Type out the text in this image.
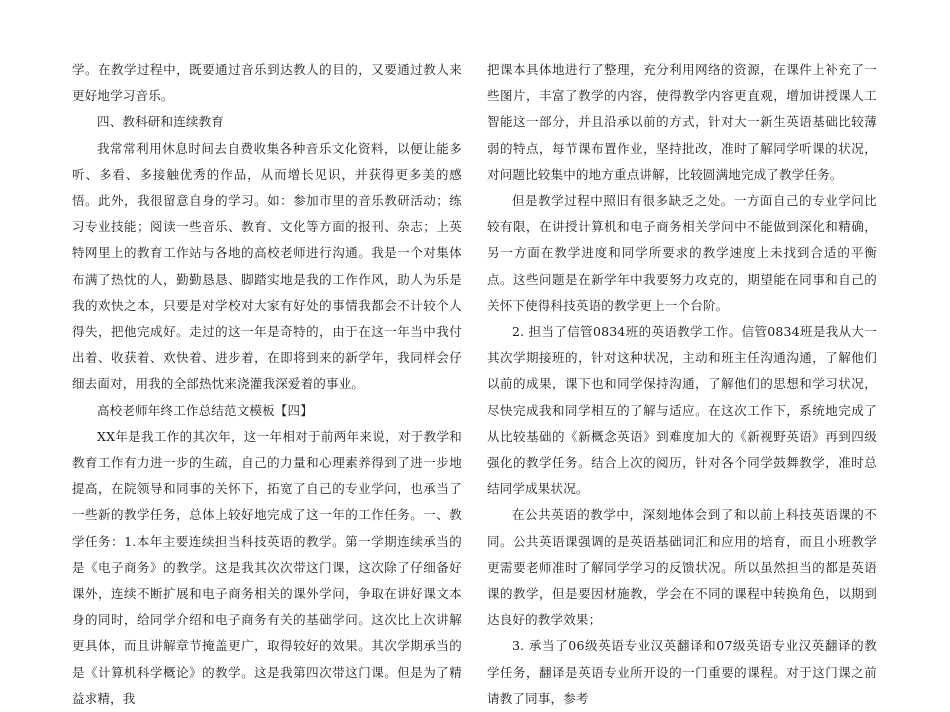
学。在教学过程中，既要通过音乐到达教人的目的，又要通过教人来更好地学习音乐。

四、教科研和连续教育

我常常利用休息时间去自费收集各种音乐文化资料，以便让能多听、多看、多接触优秀的作品，从而增长见识，并获得更多美的感悟。此外，我很留意自身的学习。如：参加市里的音乐教研活动；练习专业技能；阅读一些音乐、教育、文化等方面的报刊、杂志；上英特网里上的教育工作站与各地的高校老师进行沟通。我是一个对集体布满了热忱的人，勤勤恳恳、脚踏实地是我的工作作风，助人为乐是我的欢快之本，只要是对学校对大家有好处的事情我都会不计较个人得失，把他完成好。走过的这一年是奇特的，由于在这一年当中我付出着、收获着、欢快着、进步着，在即将到来的新学年，我同样会仔细去面对，用我的全部热忱来浇灌我深爱着的事业。

高校老师年终工作总结范文模板【四】

XX年是我工作的其次年，这一年相对于前两年来说，对于教学和教育工作有力进一步的生疏，自己的力量和心理素养得到了进一步地提高，在院领导和同事的关怀下，拓宽了自己的专业学问，也承当了一些新的教学任务，总体上较好地完成了这一年的工作任务。一、教学任务：1.本年主要连续担当科技英语的教学。第一学期连续承当的是《电子商务》的教学。这是我其次次带这门课，这次除了仔细备好课外，连续不断扩展和电子商务相关的课外学问，争取在讲好课文本身的同时，给同学介绍和电子商务有关的基础学问。这次比上次讲解更具体，而且讲解章节掩盖更广，取得较好的效果。其次学期承当的是《计算机科学概论》的教学。这是我第四次带这门课。但是为了精益求精，我

把课本具体地进行了整理，充分利用网络的资源，在课件上补充了一些图片，丰富了教学的内容，使得教学内容更直观，增加讲授课人工智能这一部分，并且沿承以前的方式，针对大一新生英语基础比较薄弱的特点，每节课布置作业，坚持批改，准时了解同学听课的状况，对问题比较集中的地方重点讲解，比较圆满地完成了教学任务。

但是教学过程中照旧有很多缺乏之处。一方面自己的专业学问比较有限，在讲授计算机和电子商务相关学问中不能做到深化和精确，另一方面在教学进度和同学所要求的教学速度上未找到合适的平衡点。这些问题是在新学年中我要努力攻克的，期望能在同事和自己的关怀下使得科技英语的教学更上一个台阶。

2. 担当了信管0834班的英语教学工作。信管0834班是我从大一其次学期接班的，针对这种状况，主动和班主任沟通沟通，了解他们以前的成果，课下也和同学保持沟通，了解他们的思想和学习状况，尽快完成我和同学相互的了解与适应。在这次工作下，系统地完成了从比较基础的《新概念英语》到难度加大的《新视野英语》再到四级强化的教学任务。结合上次的阅历，针对各个同学鼓舞教学，准时总结同学成果状况。

在公共英语的教学中，深刻地体会到了和以前上科技英语课的不同。公共英语课强调的是英语基础词汇和应用的培育，而且小班教学更需要老师准时了解同学学习的反馈状况。所以虽然担当的都是英语课的教学，但是要因材施教，学会在不同的课程中转换角色，以期到达良好的教学效果；

3. 承当了06级英语专业汉英翻译和07级英语专业汉英翻译的教学任务，翻译是英语专业所开设的一门重要的课程。对于这门课之前请教了同事，参考
